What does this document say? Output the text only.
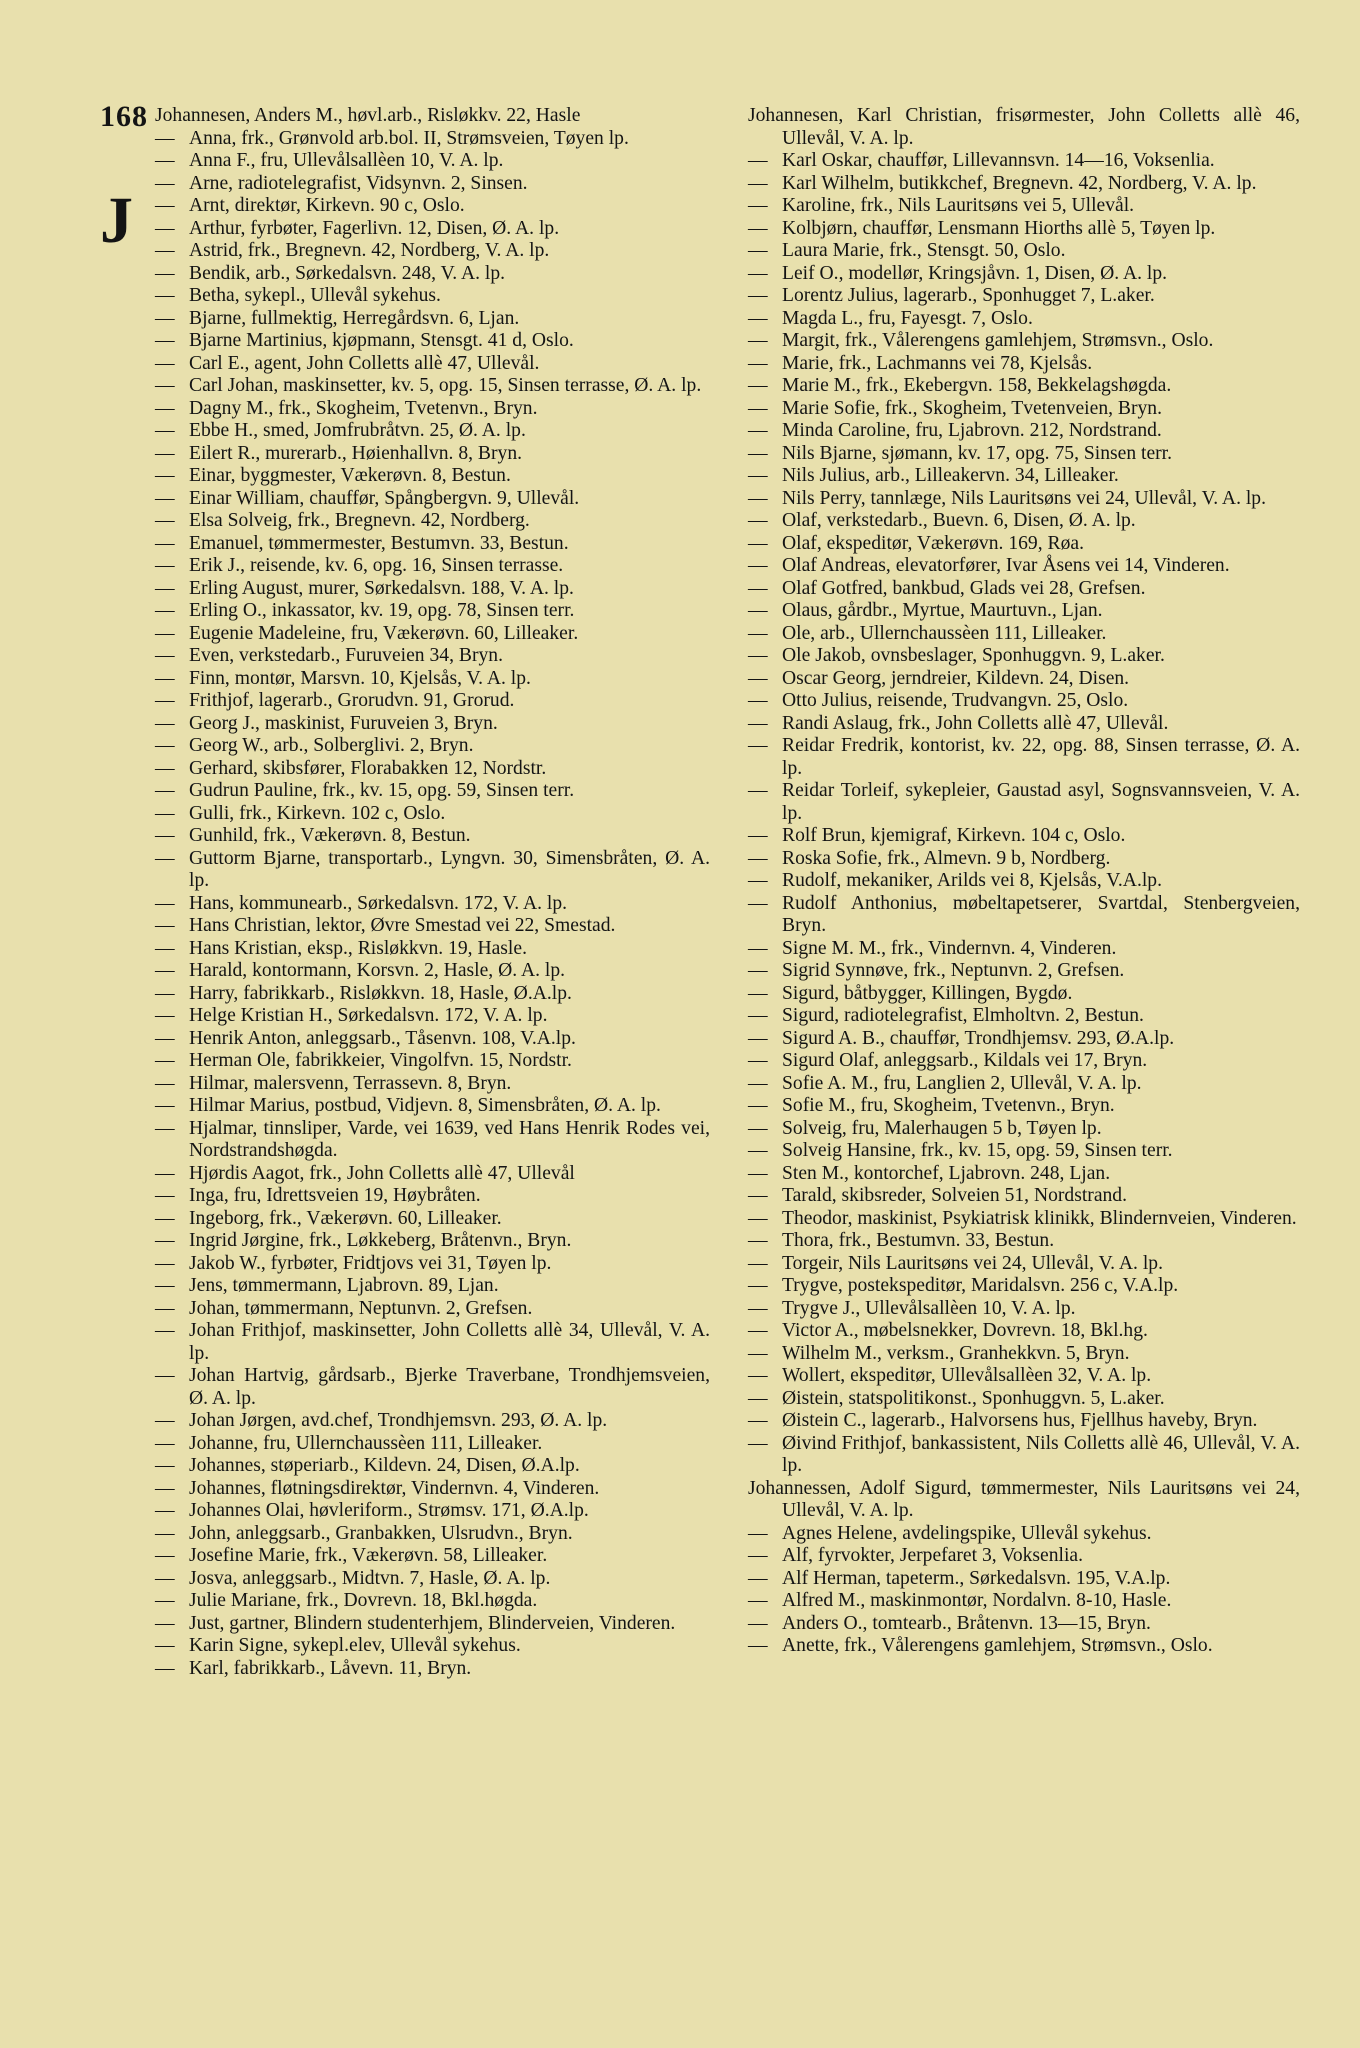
168
J
Johannesen, Anders M., høvl.arb., Risløkkv. 22, Hasle
— Anna, frk., Grønvold arb.bol. II, Strømsveien, Tøyen lp.
— Anna F., fru, Ullevålsallèen 10, V. A. lp.
— Arne, radiotelegrafist, Vidsynvn. 2, Sinsen.
— Arnt, direktør, Kirkevn. 90 c, Oslo.
— Arthur, fyrbøter, Fagerlivn. 12, Disen, Ø. A. lp.
— Astrid, frk., Bregnevn. 42, Nordberg, V. A. lp.
— Bendik, arb., Sørkedalsvn. 248, V. A. lp.
— Betha, sykepl., Ullevål sykehus.
— Bjarne, fullmektig, Herregårdsvn. 6, Ljan.
— Bjarne Martinius, kjøpmann, Stensgt. 41 d, Oslo.
— Carl E., agent, John Colletts allè 47, Ullevål.
— Carl Johan, maskinsetter, kv. 5, opg. 15, Sinsen terrasse, Ø. A. lp.
— Dagny M., frk., Skogheim, Tvetenvn., Bryn.
— Ebbe H., smed, Jomfrubråtvn. 25, Ø. A. lp.
— Eilert R., murerarb., Høienhallvn. 8, Bryn.
— Einar, byggmester, Vækerøvn. 8, Bestun.
— Einar William, chauffør, Spångbergvn. 9, Ullevål.
— Elsa Solveig, frk., Bregnevn. 42, Nordberg.
— Emanuel, tømmermester, Bestumvn. 33, Bestun.
— Erik J., reisende, kv. 6, opg. 16, Sinsen terrasse.
— Erling August, murer, Sørkedalsvn. 188, V. A. lp.
— Erling O., inkassator, kv. 19, opg. 78, Sinsen terr.
— Eugenie Madeleine, fru, Vækerøvn. 60, Lilleaker.
— Even, verkstedarb., Furuveien 34, Bryn.
— Finn, montør, Marsvn. 10, Kjelsås, V. A. lp.
— Frithjof, lagerarb., Grorudvn. 91, Grorud.
— Georg J., maskinist, Furuveien 3, Bryn.
— Georg W., arb., Solberglivi. 2, Bryn.
— Gerhard, skibsfører, Florabakken 12, Nordstr.
— Gudrun Pauline, frk., kv. 15, opg. 59, Sinsen terr.
— Gulli, frk., Kirkevn. 102 c, Oslo.
— Gunhild, frk., Vækerøvn. 8, Bestun.
— Guttorm Bjarne, transportarb., Lyngvn. 30, Simensbråten, Ø. A. lp.
— Hans, kommunearb., Sørkedalsvn. 172, V. A. lp.
— Hans Christian, lektor, Øvre Smestad vei 22, Smestad.
— Hans Kristian, eksp., Risløkkvn. 19, Hasle.
— Harald, kontormann, Korsvn. 2, Hasle, Ø. A. lp.
— Harry, fabrikkarb., Risløkkvn. 18, Hasle, Ø.A.lp.
— Helge Kristian H., Sørkedalsvn. 172, V. A. lp.
— Henrik Anton, anleggsarb., Tåsenvn. 108, V.A.lp.
— Herman Ole, fabrikkeier, Vingolfvn. 15, Nordstr.
— Hilmar, malersvenn, Terrassevn. 8, Bryn.
— Hilmar Marius, postbud, Vidjevn. 8, Simensbråten, Ø. A. lp.
— Hjalmar, tinnsliper, Varde, vei 1639, ved Hans Henrik Rodes vei, Nordstrandshøgda.
— Hjørdis Aagot, frk., John Colletts allè 47, Ullevål
— Inga, fru, Idrettsveien 19, Høybråten.
— Ingeborg, frk., Vækerøvn. 60, Lilleaker.
— Ingrid Jørgine, frk., Løkkeberg, Bråtenvn., Bryn.
— Jakob W., fyrbøter, Fridtjovs vei 31, Tøyen lp.
— Jens, tømmermann, Ljabrovn. 89, Ljan.
— Johan, tømmermann, Neptunvn. 2, Grefsen.
— Johan Frithjof, maskinsetter, John Colletts allè 34, Ullevål, V. A. lp.
— Johan Hartvig, gårdsarb., Bjerke Traverbane, Trondhjemsveien, Ø. A. lp.
— Johan Jørgen, avd.chef, Trondhjemsvn. 293, Ø. A. lp.
— Johanne, fru, Ullernchaussèen 111, Lilleaker.
— Johannes, støperiarb., Kildevn. 24, Disen, Ø.A.lp.
— Johannes, fløtningsdirektør, Vindernvn. 4, Vinderen.
— Johannes Olai, høvleriform., Strømsv. 171, Ø.A.lp.
— John, anleggsarb., Granbakken, Ulsrudvn., Bryn.
— Josefine Marie, frk., Vækerøvn. 58, Lilleaker.
— Josva, anleggsarb., Midtvn. 7, Hasle, Ø. A. lp.
— Julie Mariane, frk., Dovrevn. 18, Bkl.høgda.
— Just, gartner, Blindern studenterhjem, Blinderveien, Vinderen.
— Karin Signe, sykepl.elev, Ullevål sykehus.
— Karl, fabrikkarb., Låvevn. 11, Bryn.
Johannesen, Karl Christian, frisørmester, John Colletts allè 46, Ullevål, V. A. lp.
— Karl Oskar, chauffør, Lillevannsvn. 14—16, Voksenlia.
— Karl Wilhelm, butikkchef, Bregnevn. 42, Nordberg, V. A. lp.
— Karoline, frk., Nils Lauritsøns vei 5, Ullevål.
— Kolbjørn, chauffør, Lensmann Hiorths allè 5, Tøyen lp.
— Laura Marie, frk., Stensgt. 50, Oslo.
— Leif O., modellør, Kringsjåvn. 1, Disen, Ø. A. lp.
— Lorentz Julius, lagerarb., Sponhugget 7, L.aker.
— Magda L., fru, Fayesgt. 7, Oslo.
— Margit, frk., Vålerengens gamlehjem, Strømsvn., Oslo.
— Marie, frk., Lachmanns vei 78, Kjelsås.
— Marie M., frk., Ekebergvn. 158, Bekkelagshøgda.
— Marie Sofie, frk., Skogheim, Tvetenveien, Bryn.
— Minda Caroline, fru, Ljabrovn. 212, Nordstrand.
— Nils Bjarne, sjømann, kv. 17, opg. 75, Sinsen terr.
— Nils Julius, arb., Lilleakervn. 34, Lilleaker.
— Nils Perry, tannlæge, Nils Lauritsøns vei 24, Ullevål, V. A. lp.
— Olaf, verkstedarb., Buevn. 6, Disen, Ø. A. lp.
— Olaf, ekspeditør, Vækerøvn. 169, Røa.
— Olaf Andreas, elevatorfører, Ivar Åsens vei 14, Vinderen.
— Olaf Gotfred, bankbud, Glads vei 28, Grefsen.
— Olaus, gårdbr., Myrtue, Maurtuvn., Ljan.
— Ole, arb., Ullernchaussèen 111, Lilleaker.
— Ole Jakob, ovnsbeslager, Sponhuggvn. 9, L.aker.
— Oscar Georg, jerndreier, Kildevn. 24, Disen.
— Otto Julius, reisende, Trudvangvn. 25, Oslo.
— Randi Aslaug, frk., John Colletts allè 47, Ullevål.
— Reidar Fredrik, kontorist, kv. 22, opg. 88, Sinsen terrasse, Ø. A. lp.
— Reidar Torleif, sykepleier, Gaustad asyl, Sognsvannsveien, V. A. lp.
— Rolf Brun, kjemigraf, Kirkevn. 104 c, Oslo.
— Roska Sofie, frk., Almevn. 9 b, Nordberg.
— Rudolf, mekaniker, Arilds vei 8, Kjelsås, V.A.lp.
— Rudolf Anthonius, møbeltapetserer, Svartdal, Stenbergveien, Bryn.
— Signe M. M., frk., Vindernvn. 4, Vinderen.
— Sigrid Synnøve, frk., Neptunvn. 2, Grefsen.
— Sigurd, båtbygger, Killingen, Bygdø.
— Sigurd, radiotelegrafist, Elmholtvn. 2, Bestun.
— Sigurd A. B., chauffør, Trondhjemsv. 293, Ø.A.lp.
— Sigurd Olaf, anleggsarb., Kildals vei 17, Bryn.
— Sofie A. M., fru, Langlien 2, Ullevål, V. A. lp.
— Sofie M., fru, Skogheim, Tvetenvn., Bryn.
— Solveig, fru, Malerhaugen 5 b, Tøyen lp.
— Solveig Hansine, frk., kv. 15, opg. 59, Sinsen terr.
— Sten M., kontorchef, Ljabrovn. 248, Ljan.
— Tarald, skibsreder, Solveien 51, Nordstrand.
— Theodor, maskinist, Psykiatrisk klinikk, Blindernveien, Vinderen.
— Thora, frk., Bestumvn. 33, Bestun.
— Torgeir, Nils Lauritsøns vei 24, Ullevål, V. A. lp.
— Trygve, postekspeditør, Maridalsvn. 256 c, V.A.lp.
— Trygve J., Ullevålsallèen 10, V. A. lp.
— Victor A., møbelsnekker, Dovrevn. 18, Bkl.hg.
— Wilhelm M., verksm., Granhekkvn. 5, Bryn.
— Wollert, ekspeditør, Ullevålsallèen 32, V. A. lp.
— Øistein, statspolitikonst., Sponhuggvn. 5, L.aker.
— Øistein C., lagerarb., Halvorsens hus, Fjellhus haveby, Bryn.
— Øivind Frithjof, bankassistent, Nils Colletts allè 46, Ullevål, V. A. lp.
Johannessen, Adolf Sigurd, tømmermester, Nils Lauritsøns vei 24, Ullevål, V. A. lp.
— Agnes Helene, avdelingspike, Ullevål sykehus.
— Alf, fyrvokter, Jerpefaret 3, Voksenlia.
— Alf Herman, tapeterm., Sørkedalsvn. 195, V.A.lp.
— Alfred M., maskinmontør, Nordalvn. 8-10, Hasle.
— Anders O., tomtearb., Bråtenvn. 13—15, Bryn.
— Anette, frk., Vålerengens gamlehjem, Strømsvn., Oslo.
